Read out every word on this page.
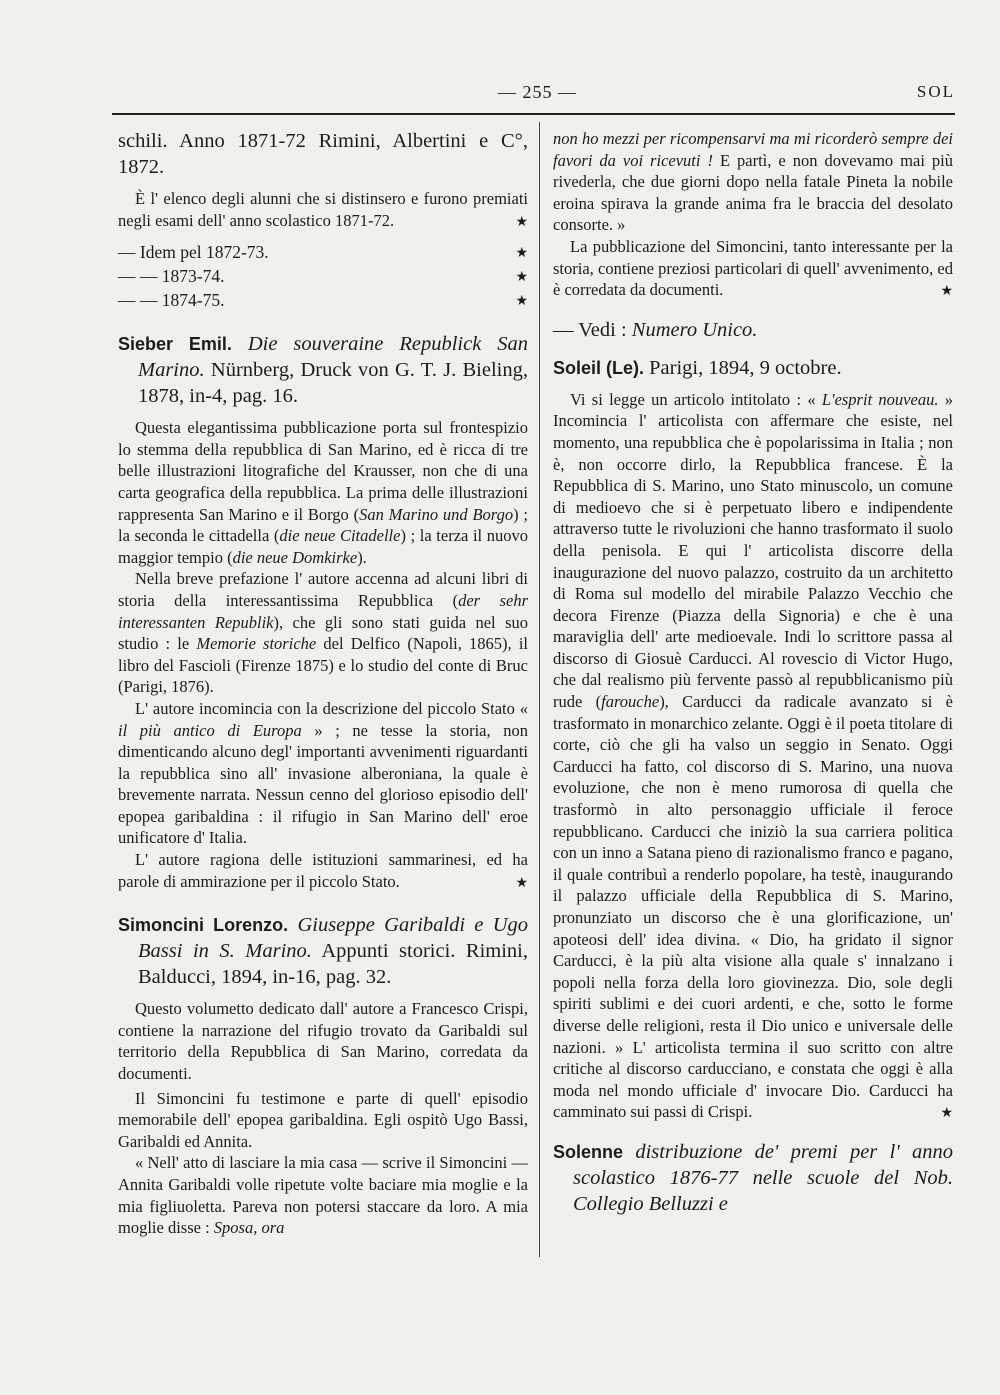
— 255 —	SOL

schili. Anno 1871-72 Rimini, Albertini e C°, 1872.

È l' elenco degli alunni che si distinsero e furono premiati negli esami dell' anno scolastico 1871-72.	★

— Idem pel 1872-73.	★

— — 1873-74.	★

— — 1874-75.	★

Sieber Emil. Die souveraine Republick San Marino. Nürnberg, Druck von G. T. J. Bieling, 1878, in-4, pag. 16.

Questa elegantissima pubblicazione porta sul frontespizio lo stemma della repubblica di San Marino, ed è ricca di tre belle illustrazioni litografiche del Krausser, non che di una carta geografica della repubblica. La prima delle illustrazioni rappresenta San Marino e il Borgo (San Marino und Borgo) ; la seconda le cittadella (die neue Citadelle) ; la terza il nuovo maggior tempio (die neue Domkirke).

Nella breve prefazione l' autore accenna ad alcuni libri di storia della interessantissima Repubblica (der sehr interessanten Republik), che gli sono stati guida nel suo studio : le Memorie storiche del Delfico (Napoli, 1865), il libro del Fascioli (Firenze 1875) e lo studio del conte di Bruc (Parigi, 1876).

L' autore incomincia con la descrizione del piccolo Stato « il più antico di Europa » ; ne tesse la storia, non dimenticando alcuno degl' importanti avvenimenti riguardanti la repubblica sino all' invasione alberoniana, la quale è brevemente narrata. Nessun cenno del glorioso episodio dell' epopea garibaldina : il rifugio in San Marino dell' eroe unificatore d' Italia.

L' autore ragiona delle istituzioni sammarinesi, ed ha parole di ammirazione per il piccolo Stato.	★

Simoncini Lorenzo. Giuseppe Garibaldi e Ugo Bassi in S. Marino. Appunti storici. Rimini, Balducci, 1894, in-16, pag. 32.

Questo volumetto dedicato dall' autore a Francesco Crispi, contiene la narrazione del rifugio trovato da Garibaldi sul territorio della Repubblica di San Marino, corredata da documenti.

Il Simoncini fu testimone e parte di quell' episodio memorabile dell' epopea garibaldina. Egli ospitò Ugo Bassi, Garibaldi ed Annita.

« Nell' atto di lasciare la mia casa — scrive il Simoncini — Annita Garibaldi volle ripetute volte baciare mia moglie e la mia figliuoletta. Pareva non potersi staccare da loro. A mia moglie disse : Sposa, ora

non ho mezzi per ricompensarvi ma mi ricorderò sempre dei favori da voi ricevuti ! E partì, e non dovevamo mai più rivederla, che due giorni dopo nella fatale Pineta la nobile eroina spirava la grande anima fra le braccia del desolato consorte. »

La pubblicazione del Simoncini, tanto interessante per la storia, contiene preziosi particolari di quell' avvenimento, ed è corredata da documenti.	★

— Vedi : Numero Unico.

Soleil (Le). Parigi, 1894, 9 octobre.

Vi si legge un articolo intitolato : « L'esprit nouveau. » Incomincia l' articolista con affermare che esiste, nel momento, una repubblica che è popolarissima in Italia ; non è, non occorre dirlo, la Repubblica francese. È la Repubblica di S. Marino, uno Stato minuscolo, un comune di medioevo che si è perpetuato libero e indipendente attraverso tutte le rivoluzioni che hanno trasformato il suolo della penisola. E qui l' articolista discorre della inaugurazione del nuovo palazzo, costruito da un architetto di Roma sul modello del mirabile Palazzo Vecchio che decora Firenze (Piazza della Signoria) e che è una maraviglia dell' arte medioevale. Indi lo scrittore passa al discorso di Giosuè Carducci. Al rovescio di Victor Hugo, che dal realismo più fervente passò al repubblicanismo più rude (farouche), Carducci da radicale avanzato si è trasformato in monarchico zelante. Oggi è il poeta titolare di corte, ciò che gli ha valso un seggio in Senato. Oggi Carducci ha fatto, col discorso di S. Marino, una nuova evoluzione, che non è meno rumorosa di quella che trasformò in alto personaggio ufficiale il feroce repubblicano. Carducci che iniziò la sua carriera politica con un inno a Satana pieno di razionalismo franco e pagano, il quale contribuì a renderlo popolare, ha testè, inaugurando il palazzo ufficiale della Repubblica di S. Marino, pronunziato un discorso che è una glorificazione, un' apoteosi dell' idea divina. « Dio, ha gridato il signor Carducci, è la più alta visione alla quale s' innalzano i popoli nella forza della loro giovinezza. Dio, sole degli spiriti sublimi e dei cuori ardenti, e che, sotto le forme diverse delle religioni, resta il Dio unico e universale delle nazioni. » L' articolista termina il suo scritto con altre critiche al discorso carducciano, e constata che oggi è alla moda nel mondo ufficiale d' invocare Dio. Carducci ha camminato sui passi di Crispi.	★

Solenne distribuzione de' premi per l' anno scolastico 1876-77 nelle scuole del Nob. Collegio Belluzzi e
